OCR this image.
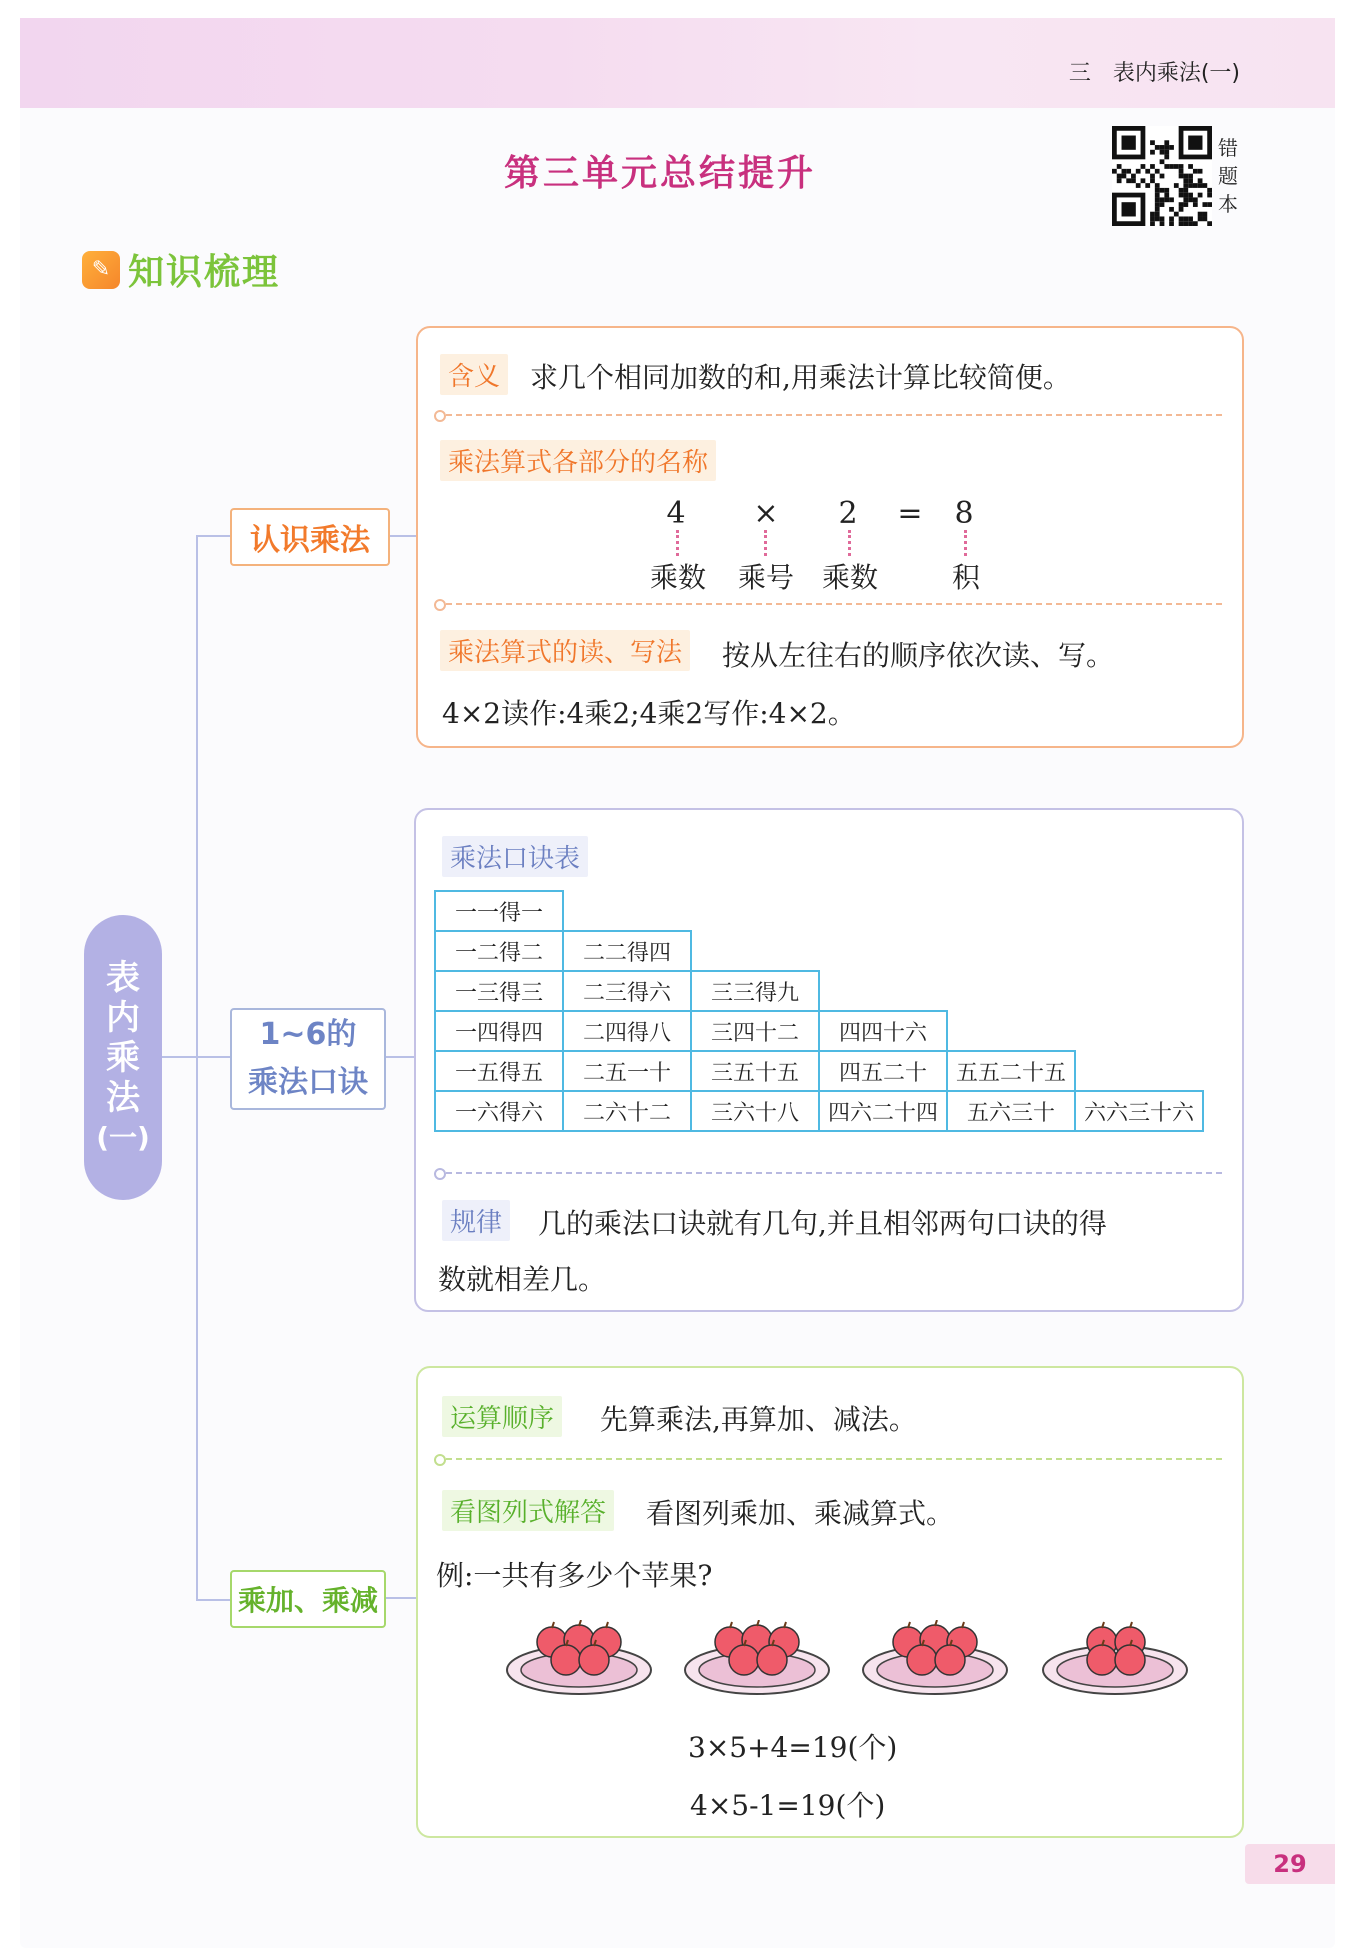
三　表内乘法(一)
第三单元总结提升
错题本
✎ 知识梳理
表
内
乘
法
(一)
认识乘法
1~6的
乘法口诀
乘加、乘减
含义 求几个相同加数的和,用乘法计算比较简便。
乘法算式各部分的名称
4	×	2	=	8
乘数 乘号 乘数	积
乘法算式的读、写法 按从左往右的顺序依次读、写。
4×2读作:4乘2;4乘2写作:4×2。
乘法口诀表
一一得一					
一二得二	二二得四				
一三得三	二三得六	三三得九			
一四得四	二四得八	三四十二	四四十六		
一五得五	二五一十	三五十五	四五二十	五五二十五	
一六得六	二六十二	三六十八	四六二十四	五六三十	六六三十六
规律 几的乘法口诀就有几句,并且相邻两句口诀的得
数就相差几。
运算顺序 先算乘法,再算加、减法。
看图列式解答 看图列乘加、乘减算式。
例:一共有多少个苹果?
3×5+4=19(个)
4×5-1=19(个)
29
